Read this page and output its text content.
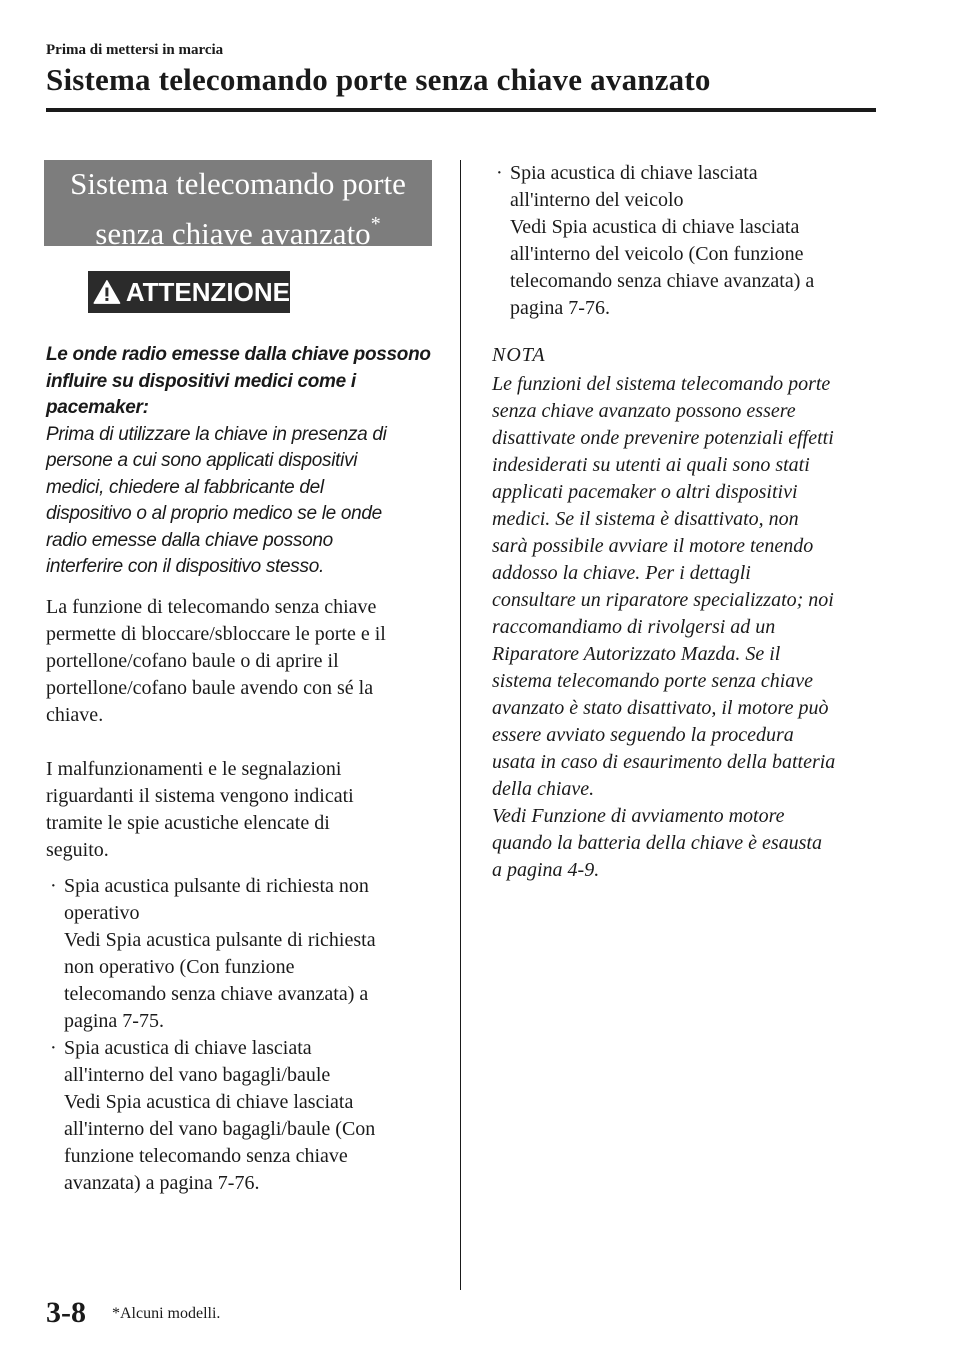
Prima di mettersi in marcia
Sistema telecomando porte senza chiave avanzato
Sistema telecomando porte
senza chiave avanzato*
ATTENZIONE
Le onde radio emesse dalla chiave possono
influire su dispositivi medici come i
pacemaker:
Prima di utilizzare la chiave in presenza di
persone a cui sono applicati dispositivi
medici, chiedere al fabbricante del
dispositivo o al proprio medico se le onde
radio emesse dalla chiave possono
interferire con il dispositivo stesso.
La funzione di telecomando senza chiave
permette di bloccare/sbloccare le porte e il
portellone/cofano baule o di aprire il
portellone/cofano baule avendo con sé la
chiave.
I malfunzionamenti e le segnalazioni
riguardanti il sistema vengono indicati
tramite le spie acustiche elencate di
seguito.
· Spia acustica pulsante di richiesta non
operativo
Vedi Spia acustica pulsante di richiesta
non operativo (Con funzione
telecomando senza chiave avanzata) a
pagina 7-75.
· Spia acustica di chiave lasciata
all'interno del vano bagagli/baule
Vedi Spia acustica di chiave lasciata
all'interno del vano bagagli/baule (Con
funzione telecomando senza chiave
avanzata) a pagina 7-76.
· Spia acustica di chiave lasciata
all'interno del veicolo
Vedi Spia acustica di chiave lasciata
all'interno del veicolo (Con funzione
telecomando senza chiave avanzata) a
pagina 7-76.
NOTA
Le funzioni del sistema telecomando porte
senza chiave avanzato possono essere
disattivate onde prevenire potenziali effetti
indesiderati su utenti ai quali sono stati
applicati pacemaker o altri dispositivi
medici. Se il sistema è disattivato, non
sarà possibile avviare il motore tenendo
addosso la chiave. Per i dettagli
consultare un riparatore specializzato; noi
raccomandiamo di rivolgersi ad un
Riparatore Autorizzato Mazda. Se il
sistema telecomando porte senza chiave
avanzato è stato disattivato, il motore può
essere avviato seguendo la procedura
usata in caso di esaurimento della batteria
della chiave.
Vedi Funzione di avviamento motore
quando la batteria della chiave è esausta
a pagina 4-9.
3-8 *Alcuni modelli.
